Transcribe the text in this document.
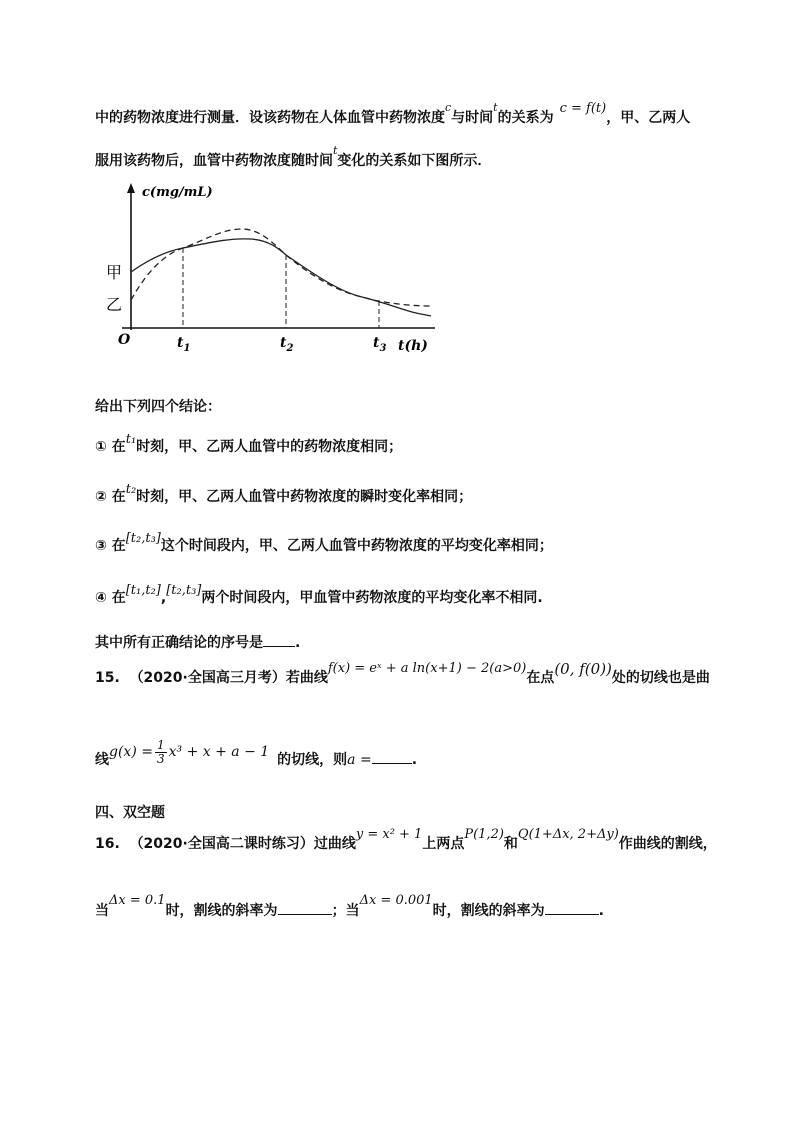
中的药物浓度进行测量．设该药物在人体血管中药物浓度c与时间t的关系为c = f(t)，甲、乙两人
服用该药物后，血管中药物浓度随时间t变化的关系如下图所示．
c(mg/mL)
甲
乙
O	$t_1$	$t_2$	$t_3$ t(h)
给出下列四个结论：
① 在t₁时刻，甲、乙两人血管中的药物浓度相同；
② 在t₂时刻，甲、乙两人血管中药物浓度的瞬时变化率相同；
③ 在[t₂,t₃]这个时间段内，甲、乙两人血管中药物浓度的平均变化率相同；
④ 在[t₁,t₂],[t₂,t₃]两个时间段内，甲血管中药物浓度的平均变化率不相同.
其中所有正确结论的序号是 .
15. （2020·全国高三月考）若曲线f(x) = eˣ + a ln(x+1) − 2(a>0)在点(0, f(0))处的切线也是曲
线$g(x) = \frac{1}{3} x^3 + x + a - 1$ 的切线，则a =	.
四、双空题
16. （2020·全国高二课时练习）过曲线y = x² + 1上两点P(1,2)和Q(1+Δx, 2+Δy)作曲线的割线，
当Δx = 0.1时，割线的斜率为	；当Δx = 0.001时，割线的斜率为	.
